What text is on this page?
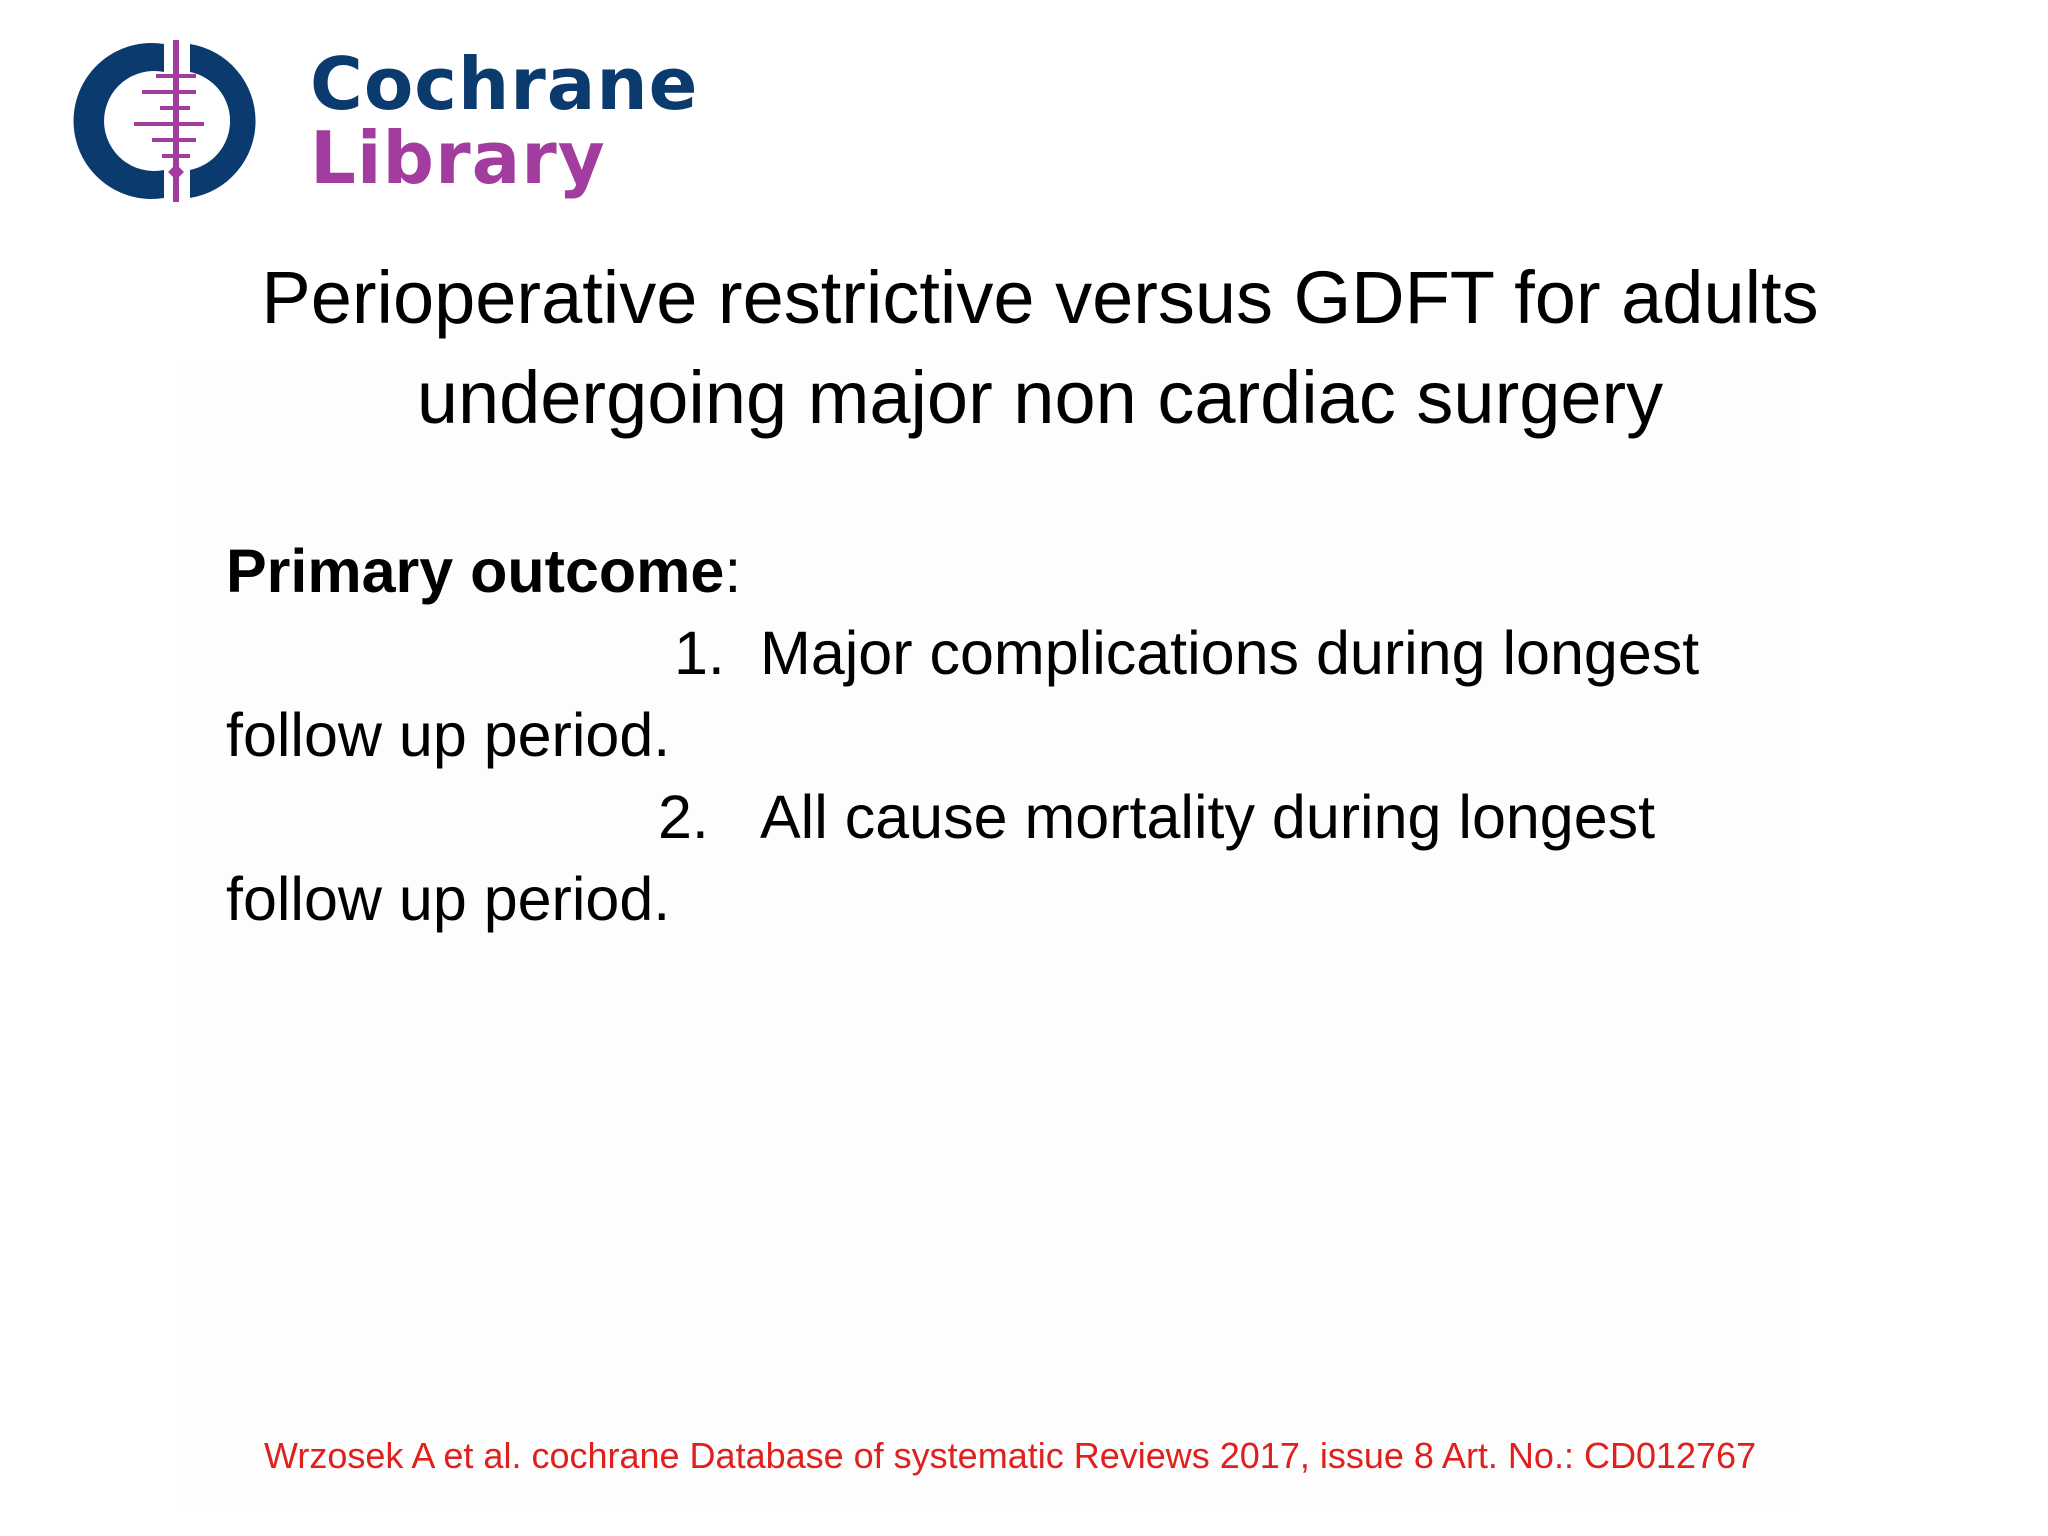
Cochrane
Library
Perioperative restrictive versus GDFT for adults
undergoing major non cardiac surgery
Primary outcome:
1. Major complications during longest
follow up period.
2. All cause mortality during longest
follow up period.
Wrzosek A et al. cochrane Database of systematic Reviews 2017, issue 8 Art. No.: CD012767
